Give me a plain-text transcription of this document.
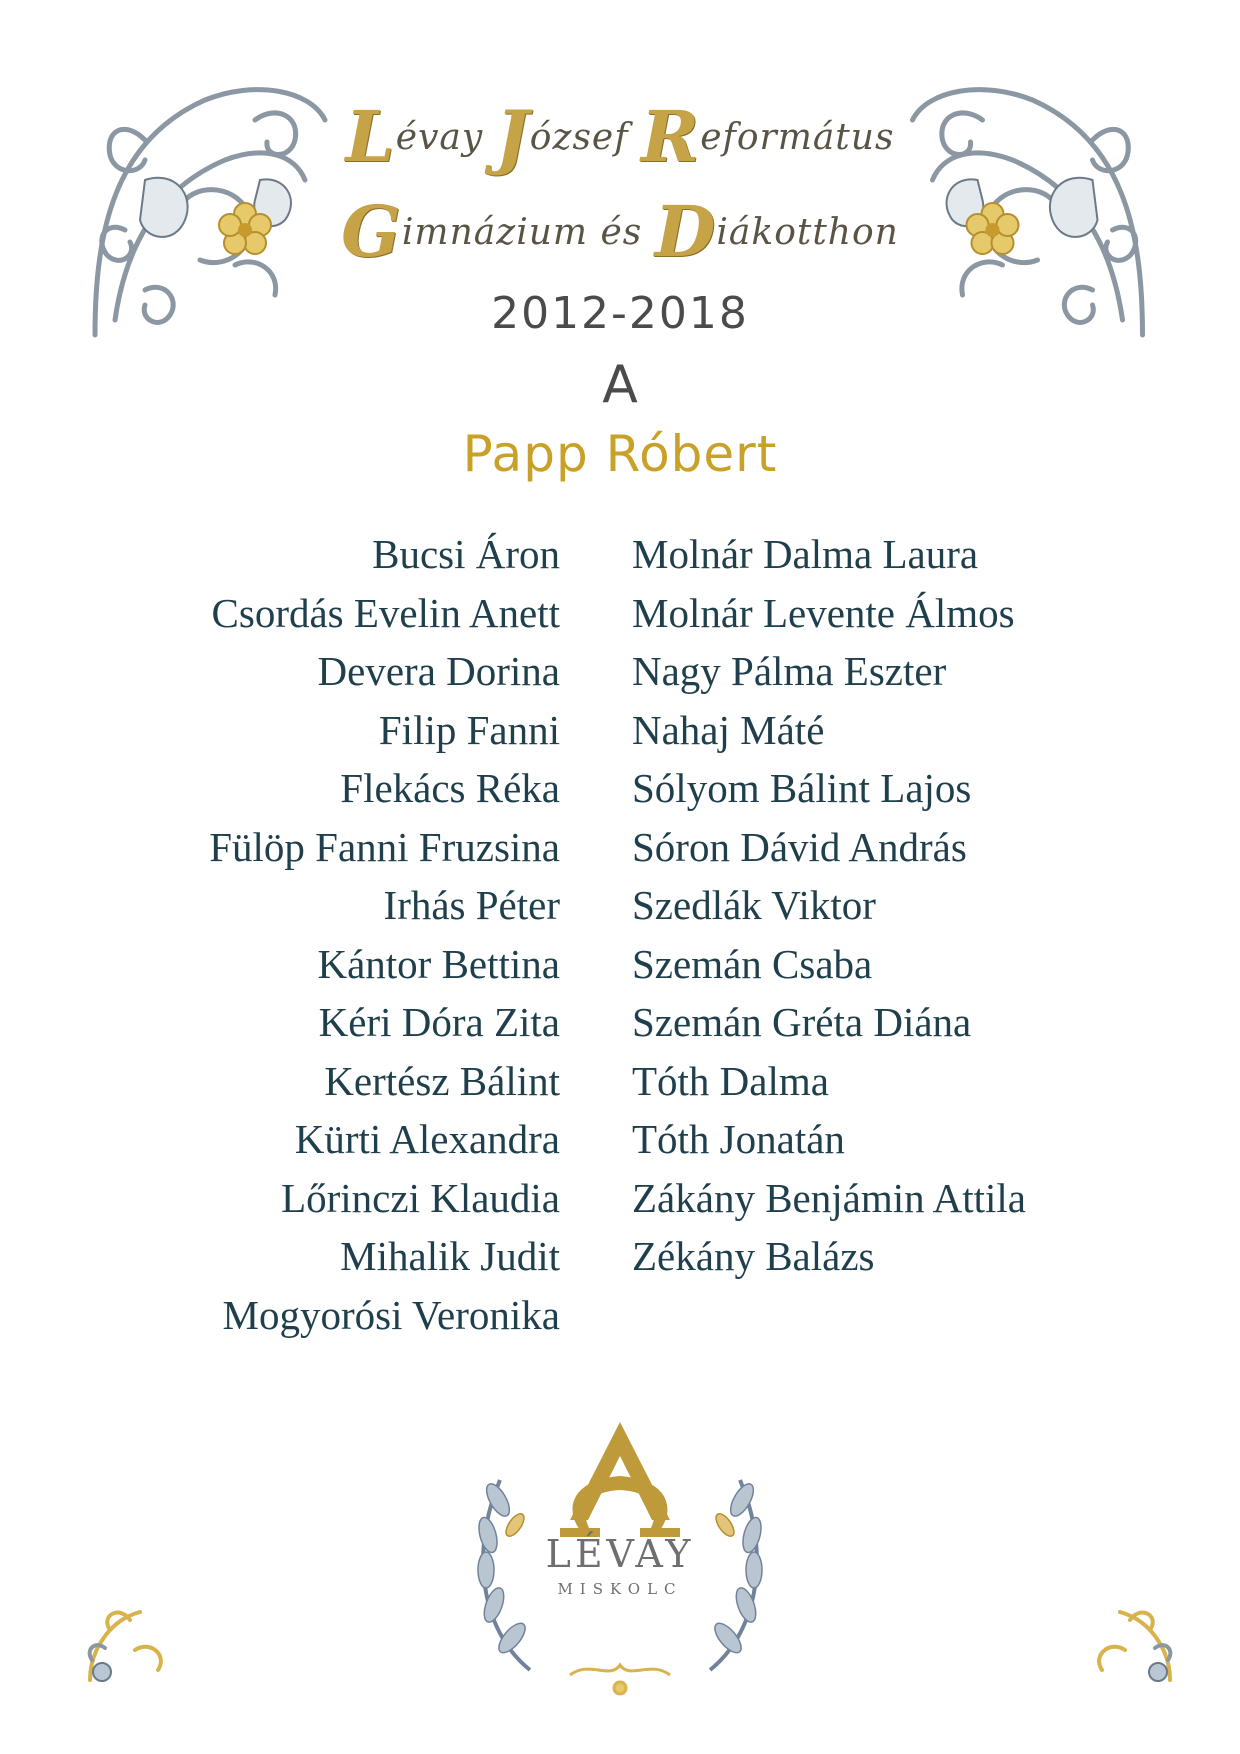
Lévay József Református
Gimnázium és Diákotthon
2012-2018
A
Papp Róbert
Bucsi Áron
Csordás Evelin Anett
Devera Dorina
Filip Fanni
Flekács Réka
Fülöp Fanni Fruzsina
Irhás Péter
Kántor Bettina
Kéri Dóra Zita
Kertész Bálint
Kürti Alexandra
Lőrinczi Klaudia
Mihalik Judit
Mogyorósi Veronika
Molnár Dalma Laura
Molnár Levente Álmos
Nagy Pálma Eszter
Nahaj Máté
Sólyom Bálint Lajos
Sóron Dávid András
Szedlák Viktor
Szemán Csaba
Szemán Gréta Diána
Tóth Dalma
Tóth Jonatán
Zákány Benjámin Attila
Zékány Balázs
LÉVAY
MISKOLC
